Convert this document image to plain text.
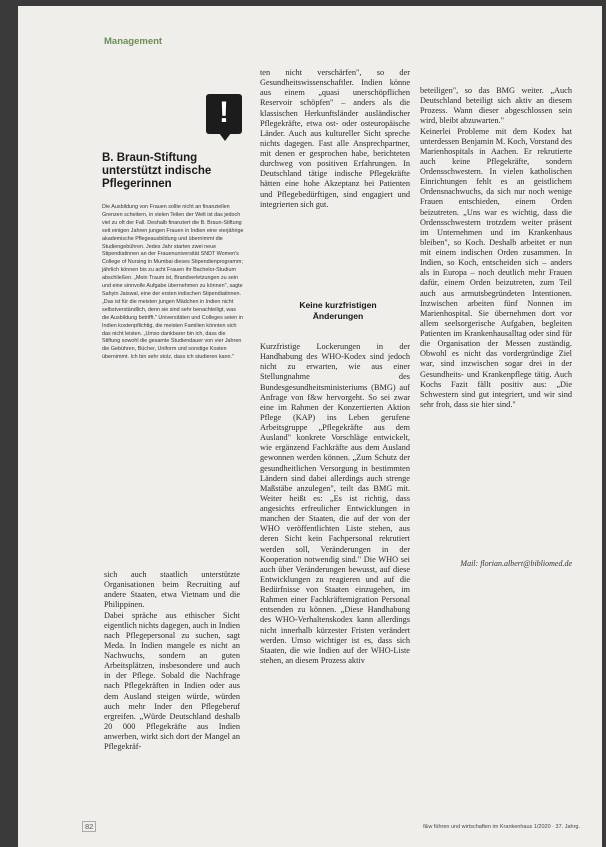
Management
!
B. Braun-Stiftung unterstützt indische Pflegerinnen

Die Ausbildung von Frauen sollte nicht an finanziellen Grenzen scheitern, in vielen Teilen der Welt ist das jedoch viel zu oft der Fall. Deshalb finanziert die B. Braun-Stiftung seit einigen Jahren jungen Frauen in Indien eine vierjährige akademische Pflegeausbildung und übernimmt die Studiengebühren. Jedes Jahr starten zwei neue Stipendiatinnen an der Frauenuniversität SNDT Women's College of Nursing in Mumbai dieses Stipendienprogramm; jährlich können bis zu acht Frauen ihr Bachelor-Studium abschließen. „Mein Traum ist, Brandverletzungen zu sein und eine sinnvolle Aufgabe übernehmen zu können", sagte Sahyin Jaiswal, eine der ersten indischen Stipendiatinnen. „Das ist für die meisten jungen Mädchen in Indien nicht selbstverständlich, denn sie sind sehr benachteiligt, was die Ausbildung betrifft." Universitäten und Colleges seien in Indien kostenpflichtig, die meisten Familien könnten sich das nicht leisten. „Umso dankbarer bin ich, dass die Stiftung sowohl die gesamte Studiendauer von vier Jahren die Gebühren, Bücher, Uniform und sonstige Kosten übernimmt. Ich bin sehr stolz, dass ich studieren kann."

sich auch staatlich unterstützte Organisationen beim Recruiting auf andere Staaten, etwa Vietnam und die Philippinen.
Dabei spräche aus ethischer Sicht eigentlich nichts dagegen, auch in Indien nach Pflegepersonal zu suchen, sagt Meda. In Indien mangele es nicht an Nachwuchs, sondern an guten Arbeitsplätzen, insbesondere und auch in der Pflege. Sobald die Nachfrage nach Pflegekräften in Indien oder aus dem Ausland steigen würde, würden auch mehr Inder den Pflegeberuf ergreifen. „Würde Deutschland deshalb 20 000 Pflegekräfte aus Indien anwerben, wirkt sich dort der Mangel an Pflegekräf-

ten nicht verschärfen", so der Gesundheitswissenschaftler. Indien könne aus einem „quasi unerschöpflichen Reservoir schöpfen" – anders als die klassischen Herkunftsländer ausländischer Pflegekräfte, etwa ost- oder osteuropäische Länder. Auch aus kultureller Sicht spreche nichts dagegen. Fast alle Ansprechpartner, mit denen er gesprochen habe, berichteten durchweg von positiven Erfahrungen. In Deutschland tätige indische Pflegekräfte hätten eine hohe Akzeptanz bei Patienten und Pflegebedürftigen, sind engagiert und integrierten sich gut.

Keine kurzfristigen Änderungen

Kurzfristige Lockerungen in der Handhabung des WHO-Kodex sind jedoch nicht zu erwarten, wie aus einer Stellungnahme des Bundesgesundheitsministeriums (BMG) auf Anfrage von f&w hervorgeht. So sei zwar eine im Rahmen der Konzertierten Aktion Pflege (KAP) ins Leben gerufene Arbeitsgruppe „Pflegekräfte aus dem Ausland" konkrete Vorschläge entwickelt, wie ergänzend Fachkräfte aus dem Ausland gewonnen werden können. „Zum Schutz der gesundheitlichen Versorgung in bestimmten Ländern sind dabei allerdings auch strenge Maßstäbe anzulegen", teilt das BMG mit. Weiter heißt es: „Es ist richtig, dass angesichts erfreulicher Entwicklungen in manchen der Staaten, die auf der von der WHO veröffentlichten Liste stehen, aus deren Sicht kein Fachpersonal rekrutiert werden soll, Veränderungen in der Kooperation notwendig sind." Die WHO sei auch über Veränderungen bewusst, auf diese Entwicklungen zu reagieren und auf die Bedürfnisse von Staaten einzugehen, im Rahmen einer Fachkräftemigration Personal entsenden zu können. „Diese Handhabung des WHO-Verhaltenskodex kann allerdings nicht innerhalb kürzester Fristen verändert werden. Umso wichtiger ist es, dass sich Staaten, die wie Indien auf der WHO-Liste stehen, an diesem Prozess aktiv

beteiligen", so das BMG weiter. „Auch Deutschland beteiligt sich aktiv an diesem Prozess. Wann dieser abgeschlossen sein wird, bleibt abzuwarten."
Keinerlei Probleme mit dem Kodex hat unterdessen Benjamin M. Koch, Vorstand des Marienhospitals in Aachen. Er rekrutierte auch keine Pflegekräfte, sondern Ordensschwestern. In vielen katholischen Einrichtungen fehlt es an geistlichem Ordensnachwuchs, da sich nur noch wenige Frauen entschieden, einem Orden beizutreten. „Uns war es wichtig, dass die Ordensschwestern trotzdem weiter präsent im Unternehmen und im Krankenhaus bleiben", so Koch. Deshalb arbeitet er nun mit einem indischen Orden zusammen. In Indien, so Koch, entscheiden sich – anders als in Europa – noch deutlich mehr Frauen dafür, einem Orden beizutreten, zum Teil auch aus armutsbegründeten Intentionen. Inzwischen arbeiten fünf Nonnen im Marienhospital. Sie übernehmen dort vor allem seelsorgerische Aufgaben, begleiten Patienten im Krankenhausalltag oder sind für die Organisation der Messen zuständig. Obwohl es nicht das vordergründige Ziel war, sind inzwischen sogar drei in der Gesundheits- und Krankenpflege tätig. Auch Kochs Fazit fällt positiv aus: „Die Schwestern sind gut integriert, und wir sind sehr froh, dass sie hier sind."

Mail: florian.albert@bibliomed.de
82	f&w führen und wirtschaften im Krankenhaus 1/2020 · 37. Jahrg.
